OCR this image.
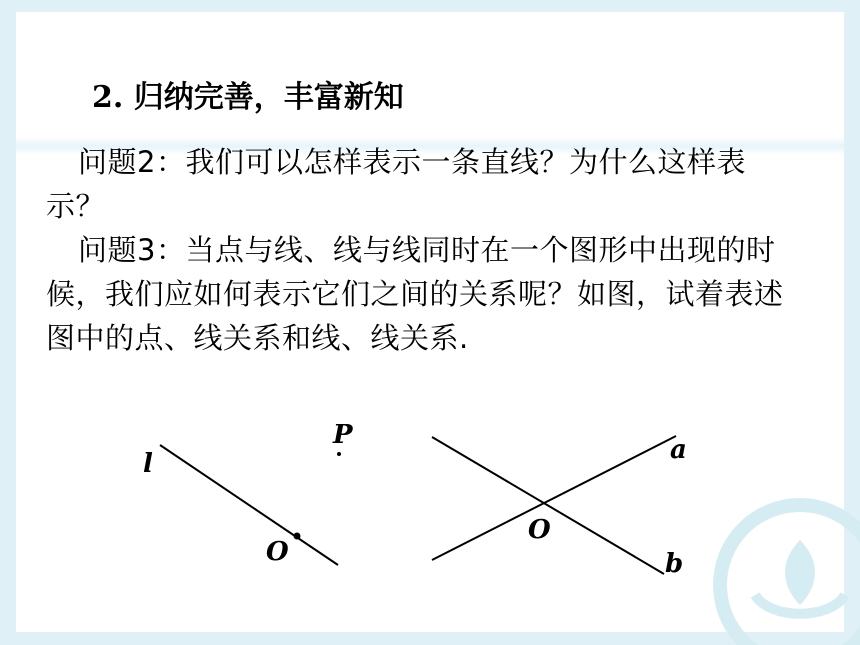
2. 归纳完善，丰富新知

问题2：我们可以怎样表示一条直线？为什么这样表示？

问题3：当点与线、线与线同时在一个图形中出现的时候，我们应如何表示它们之间的关系呢？如图，试着表述图中的点、线关系和线、线关系.

l
O
P	a
b
O
